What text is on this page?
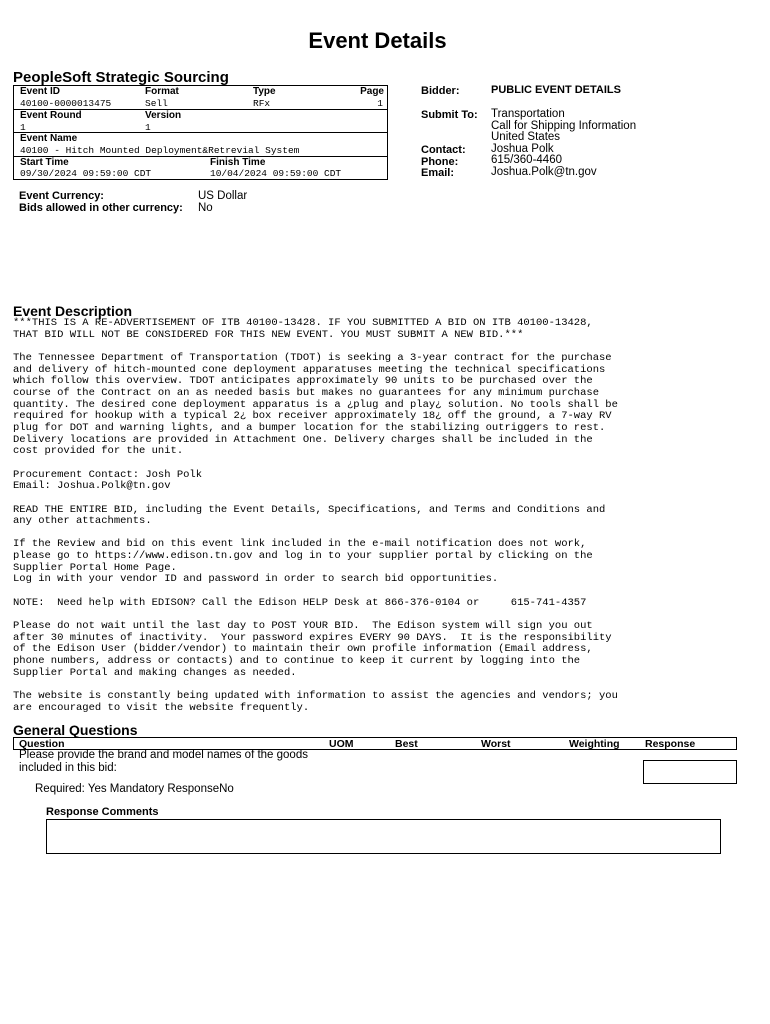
Event Details
PeopleSoft Strategic Sourcing
Event ID	Format	Type	Page
40100-0000013475	Sell	RFx	1
Event Round	Version
1	1
Event Name
40100 - Hitch Mounted Deployment&Retrevial System
Start Time	Finish Time
09/30/2024 09:59:00 CDT	10/04/2024 09:59:00 CDT
Bidder:	PUBLIC EVENT DETAILS
Submit To: Transportation
Call for Shipping Information
United States
Contact: Joshua Polk
Phone:	615/360-4460
Email:	Joshua.Polk@tn.gov
Event Currency:	US Dollar
Bids allowed in other currency: No
Event Description
***THIS IS A RE-ADVERTISEMENT OF ITB 40100-13428. IF YOU SUBMITTED A BID ON ITB 40100-13428,
THAT BID WILL NOT BE CONSIDERED FOR THIS NEW EVENT. YOU MUST SUBMIT A NEW BID.***

The Tennessee Department of Transportation (TDOT) is seeking a 3-year contract for the purchase
and delivery of hitch-mounted cone deployment apparatuses meeting the technical specifications
which follow this overview. TDOT anticipates approximately 90 units to be purchased over the
course of the Contract on an as needed basis but makes no guarantees for any minimum purchase
quantity. The desired cone deployment apparatus is a ¿plug and play¿ solution. No tools shall be
required for hookup with a typical 2¿ box receiver approximately 18¿ off the ground, a 7-way RV
plug for DOT and warning lights, and a bumper location for the stabilizing outriggers to rest.
Delivery locations are provided in Attachment One. Delivery charges shall be included in the
cost provided for the unit.

Procurement Contact: Josh Polk
Email: Joshua.Polk@tn.gov

READ THE ENTIRE BID, including the Event Details, Specifications, and Terms and Conditions and
any other attachments.

If the Review and bid on this event link included in the e-mail notification does not work,
please go to https://www.edison.tn.gov and log in to your supplier portal by clicking on the
Supplier Portal Home Page.
Log in with your vendor ID and password in order to search bid opportunities.

NOTE:  Need help with EDISON? Call the Edison HELP Desk at 866-376-0104 or     615-741-4357

Please do not wait until the last day to POST YOUR BID.  The Edison system will sign you out
after 30 minutes of inactivity.  Your password expires EVERY 90 DAYS.  It is the responsibility
of the Edison User (bidder/vendor) to maintain their own profile information (Email address,
phone numbers, address or contacts) and to continue to keep it current by logging into the
Supplier Portal and making changes as needed.

The website is constantly being updated with information to assist the agencies and vendors; you
are encouraged to visit the website frequently.
General Questions
Question	UOM	Best	Worst	Weighting Response
Please provide the brand and model names of the goods included in this bid:
Required: Yes Mandatory ResponseNo
Response Comments
